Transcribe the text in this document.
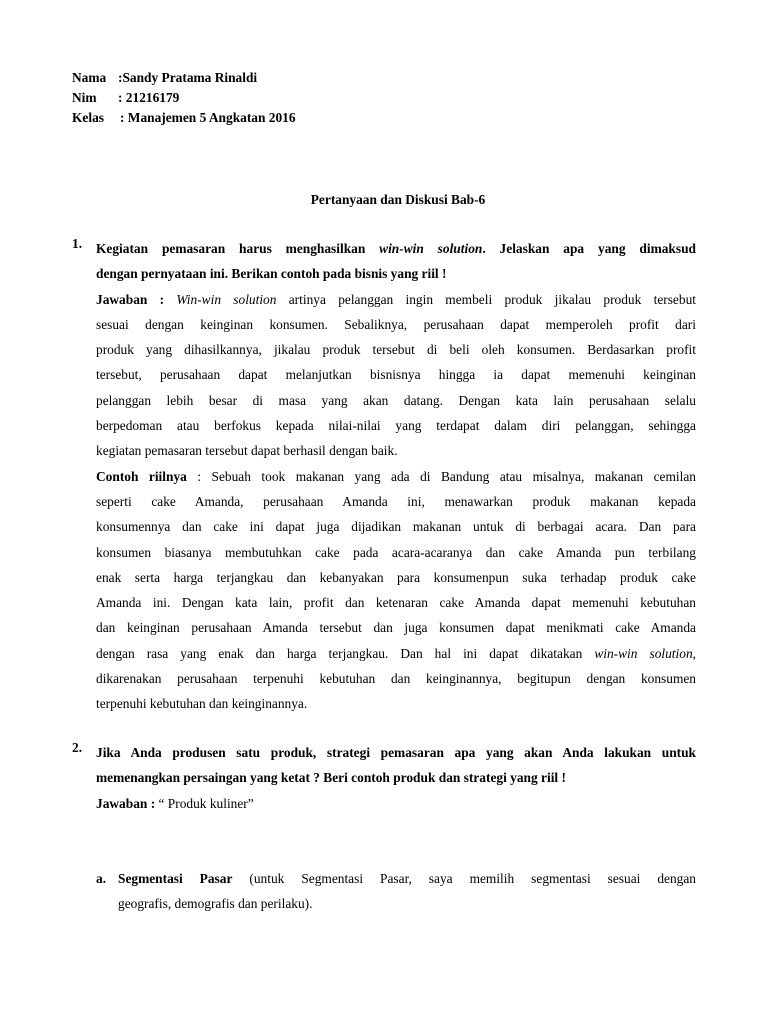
Nama :Sandy Pratama Rinaldi
Nim	: 21216179
Kelas	: Manajemen 5 Angkatan 2016
Pertanyaan dan Diskusi Bab-6
1. Kegiatan pemasaran harus menghasilkan win-win solution. Jelaskan apa yang dimaksud
dengan pernyataan ini. Berikan contoh pada bisnis yang riil !
Jawaban : Win-win solution artinya pelanggan ingin membeli produk jikalau produk tersebut
sesuai dengan keinginan konsumen. Sebaliknya, perusahaan dapat memperoleh profit dari
produk yang dihasilkannya, jikalau produk tersebut di beli oleh konsumen. Berdasarkan profit
tersebut, perusahaan dapat melanjutkan bisnisnya hingga ia dapat memenuhi keinginan
pelanggan lebih besar di masa yang akan datang. Dengan kata lain perusahaan selalu
berpedoman atau berfokus kepada nilai-nilai yang terdapat dalam diri pelanggan, sehingga
kegiatan pemasaran tersebut dapat berhasil dengan baik.
Contoh riilnya : Sebuah took makanan yang ada di Bandung atau misalnya, makanan cemilan
seperti cake Amanda, perusahaan Amanda ini, menawarkan produk makanan kepada
konsumennya dan cake ini dapat juga dijadikan makanan untuk di berbagai acara. Dan para
konsumen biasanya membutuhkan cake pada acara-acaranya dan cake Amanda pun terbilang
enak serta harga terjangkau dan kebanyakan para konsumenpun suka terhadap produk cake
Amanda ini. Dengan kata lain, profit dan ketenaran cake Amanda dapat memenuhi kebutuhan
dan keinginan perusahaan Amanda tersebut dan juga konsumen dapat menikmati cake Amanda
dengan rasa yang enak dan harga terjangkau. Dan hal ini dapat dikatakan win-win solution,
dikarenakan perusahaan terpenuhi kebutuhan dan keinginannya, begitupun dengan konsumen
terpenuhi kebutuhan dan keinginannya.
2. Jika Anda produsen satu produk, strategi pemasaran apa yang akan Anda lakukan untuk
memenangkan persaingan yang ketat ? Beri contoh produk dan strategi yang riil !
Jawaban : “ Produk kuliner”
a. Segmentasi Pasar (untuk Segmentasi Pasar, saya memilih segmentasi sesuai dengan
geografis, demografis dan perilaku).
